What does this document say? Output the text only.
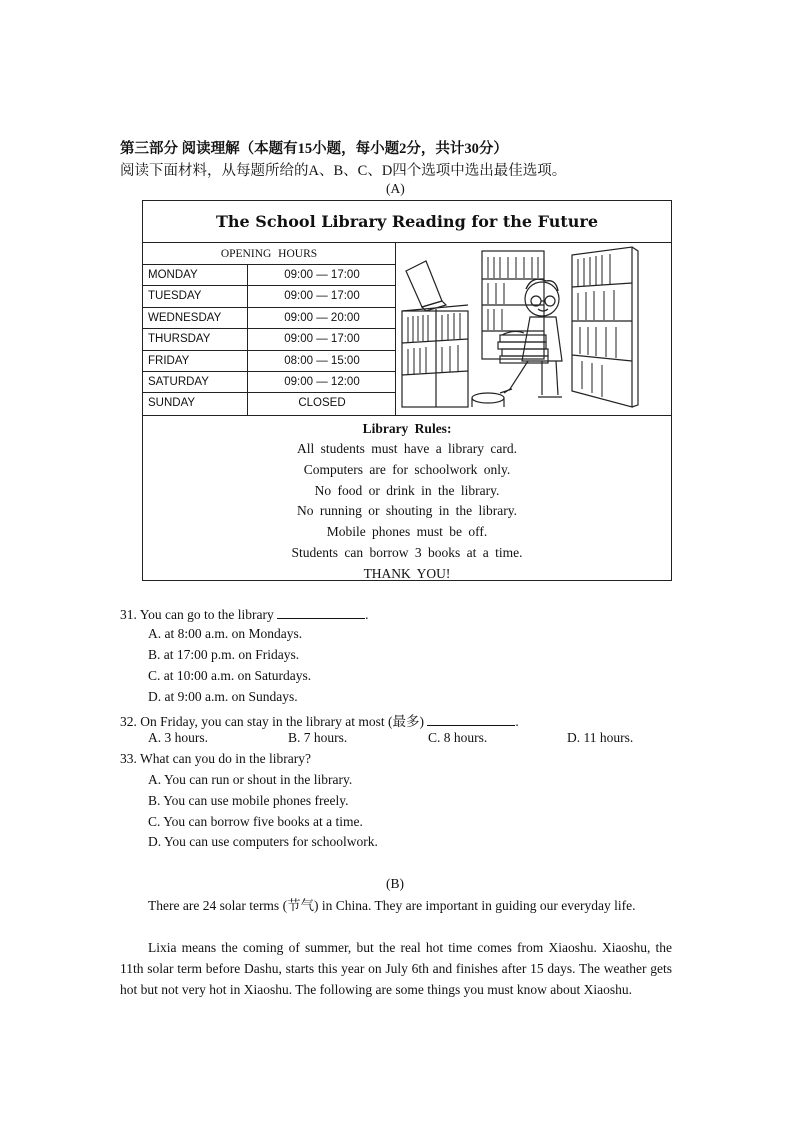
第三部分 阅读理解（本题有15小题，每小题2分，共计30分）
阅读下面材料，从每题所给的A、B、C、D四个选项中选出最佳选项。
(A)
The School Library Reading for the Future
OPENING HOURS
MONDAY	09:00 — 17:00
TUESDAY	09:00 — 17:00
WEDNESDAY	09:00 — 20:00
THURSDAY	09:00 — 17:00
FRIDAY	08:00 — 15:00
SATURDAY	09:00 — 12:00
SUNDAY	CLOSED
Library Rules:
All students must have a library card.
Computers are for schoolwork only.
No food or drink in the library.
No running or shouting in the library.
Mobile phones must be off.
Students can borrow 3 books at a time.
THANK YOU!
31. You can go to the library	.
A. at 8:00 a.m. on Mondays.
B. at 17:00 p.m. on Fridays.
C. at 10:00 a.m. on Saturdays.
D. at 9:00 a.m. on Sundays.
32. On Friday, you can stay in the library at most (最多)	.
A. 3 hours.	B. 7 hours.	C. 8 hours.	D. 11 hours.
33. What can you do in the library?
A. You can run or shout in the library.
B. You can use mobile phones freely.
C. You can borrow five books at a time.
D. You can use computers for schoolwork.
(B)
There are 24 solar terms (节气) in China. They are important in guiding our everyday life.
Lixia means the coming of summer, but the real hot time comes from Xiaoshu. Xiaoshu, the 11th solar term before Dashu, starts this year on July 6th and finishes after 15 days. The weather gets hot but not very hot in Xiaoshu. The following are some things you must know about Xiaoshu.
